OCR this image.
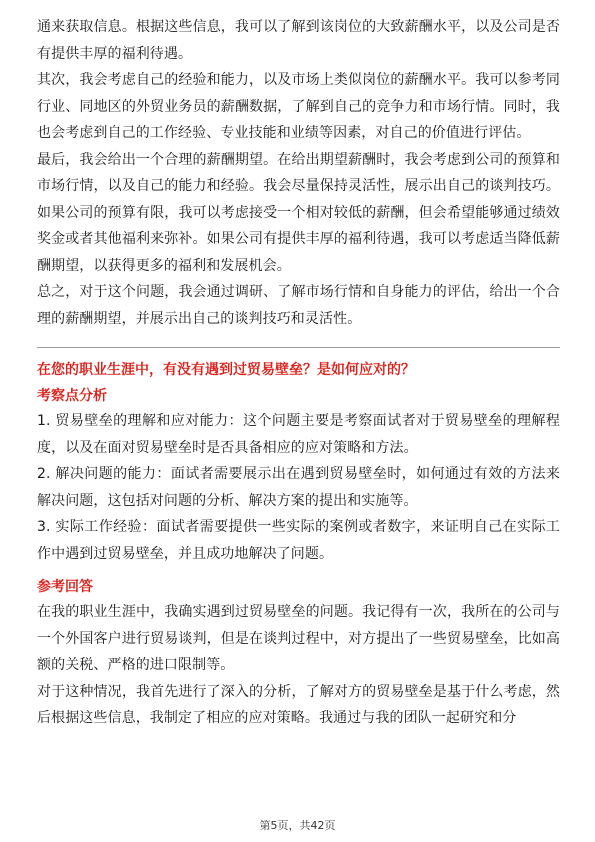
通来获取信息。根据这些信息，我可以了解到该岗位的大致薪酬水平，以及公司是否有提供丰厚的福利待遇。

其次，我会考虑自己的经验和能力，以及市场上类似岗位的薪酬水平。我可以参考同行业、同地区的外贸业务员的薪酬数据，了解到自己的竞争力和市场行情。同时，我也会考虑到自己的工作经验、专业技能和业绩等因素，对自己的价值进行评估。

最后，我会给出一个合理的薪酬期望。在给出期望薪酬时，我会考虑到公司的预算和市场行情，以及自己的能力和经验。我会尽量保持灵活性，展示出自己的谈判技巧。如果公司的预算有限，我可以考虑接受一个相对较低的薪酬，但会希望能够通过绩效奖金或者其他福利来弥补。如果公司有提供丰厚的福利待遇，我可以考虑适当降低薪酬期望，以获得更多的福利和发展机会。

总之，对于这个问题，我会通过调研、了解市场行情和自身能力的评估，给出一个合理的薪酬期望，并展示出自己的谈判技巧和灵活性。

在您的职业生涯中，有没有遇到过贸易壁垒？是如何应对的？
考察点分析

1. 贸易壁垒的理解和应对能力：这个问题主要是考察面试者对于贸易壁垒的理解程度，以及在面对贸易壁垒时是否具备相应的应对策略和方法。

2. 解决问题的能力：面试者需要展示出在遇到贸易壁垒时，如何通过有效的方法来解决问题，这包括对问题的分析、解决方案的提出和实施等。

3. 实际工作经验：面试者需要提供一些实际的案例或者数字，来证明自己在实际工作中遇到过贸易壁垒，并且成功地解决了问题。

参考回答

在我的职业生涯中，我确实遇到过贸易壁垒的问题。我记得有一次，我所在的公司与一个外国客户进行贸易谈判，但是在谈判过程中，对方提出了一些贸易壁垒，比如高额的关税、严格的进口限制等。

对于这种情况，我首先进行了深入的分析，了解对方的贸易壁垒是基于什么考虑，然后根据这些信息，我制定了相应的应对策略。我通过与我的团队一起研究和分

第5页，共42页
